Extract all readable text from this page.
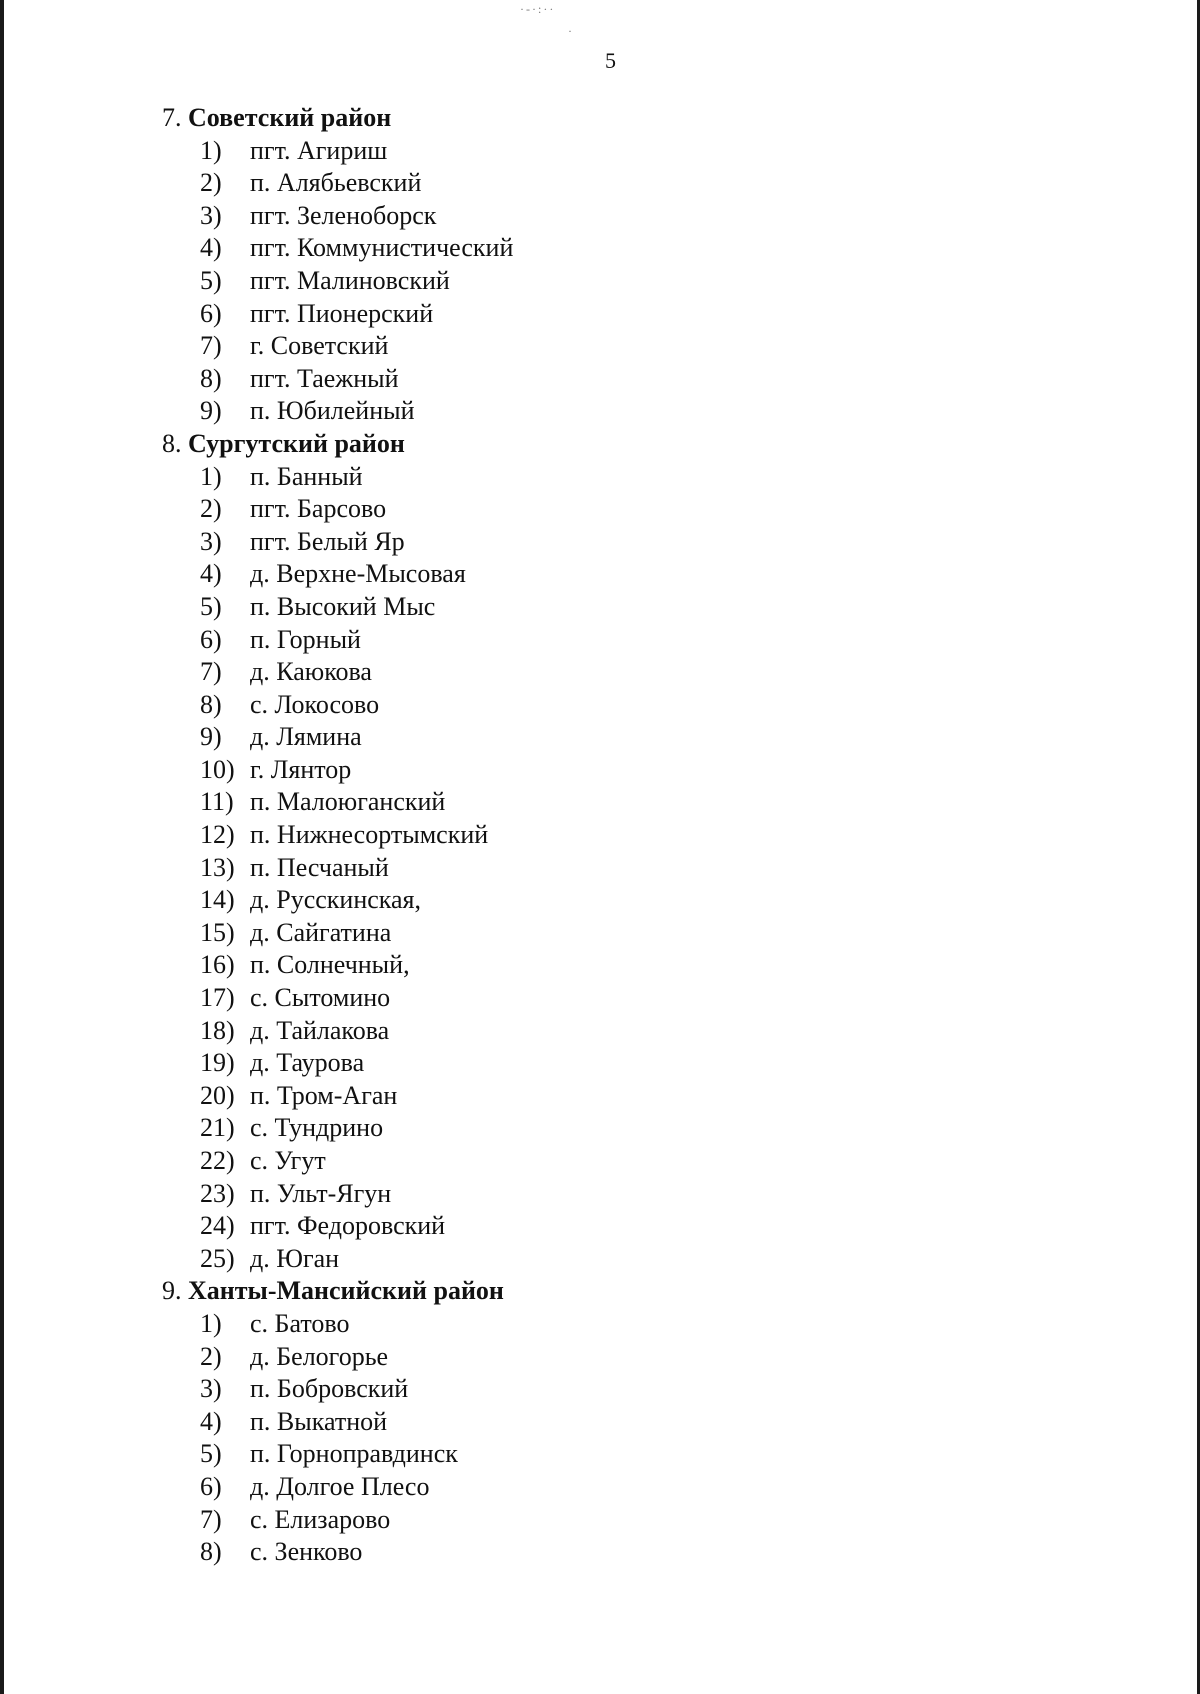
·-·:··
·
5
7. Советский район
1) пгт. Агириш
2) п. Алябьевский
3) пгт. Зеленоборск
4) пгт. Коммунистический
5) пгт. Малиновский
6) пгт. Пионерский
7) г. Советский
8) пгт. Таежный
9) п. Юбилейный
8. Сургутский район
1) п. Банный
2) пгт. Барсово
3) пгт. Белый Яр
4) д. Верхне-Мысовая
5) п. Высокий Мыс
6) п. Горный
7) д. Каюкова
8) с. Локосово
9) д. Лямина
10) г. Лянтор
11) п. Малоюганский
12) п. Нижнесортымский
13) п. Песчаный
14) д. Русскинская,
15) д. Сайгатина
16) п. Солнечный,
17) с. Сытомино
18) д. Тайлакова
19) д. Таурова
20) п. Тром-Аган
21) с. Тундрино
22) с. Угут
23) п. Ульт-Ягун
24) пгт. Федоровский
25) д. Юган
9. Ханты-Мансийский район
1) с. Батово
2) д. Белогорье
3) п. Бобровский
4) п. Выкатной
5) п. Горноправдинск
6) д. Долгое Плесо
7) с. Елизарово
8) с. Зенково
